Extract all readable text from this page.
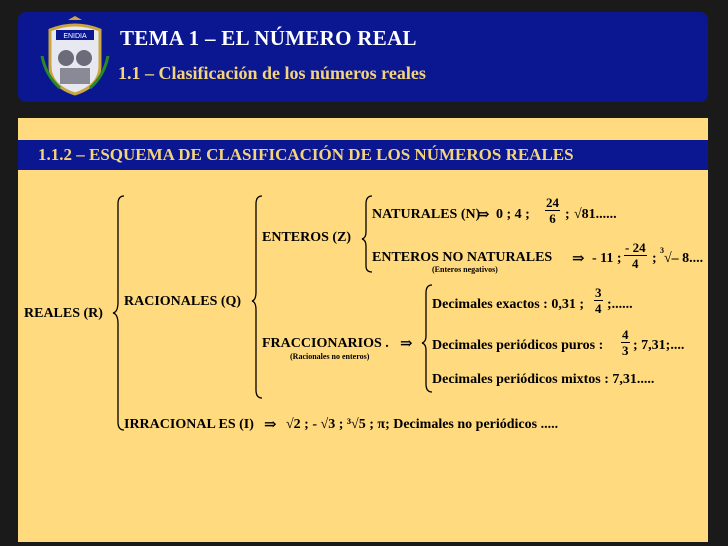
ENIDIA TEMA 1 – EL NÚMERO REAL
1.1 – Clasificación de los números reales
1.1.2 – ESQUEMA DE CLASIFICACIÓN DE LOS NÚMEROS REALES
REALES (R)
RACIONALES (Q)
ENTEROS (Z)
NATURALES (N)
⇒ 0 ; 4 ; $\frac{24}{6}$ ; √81......
ENTEROS NO NATURALES
(Enteros negativos)
⇒ - 11 ; $\frac{- 24}{4}$ ;
3
√– 8....
FRACCIONARIOS .
(Racionales no enteros)
⇒
Decimales exactos : 0,31 ; $\frac{3}{4}$ ;......
Decimales periódicos puros : $\frac{4}{3}$ ; 7,31;....
Decimales periódicos mixtos : 7,31.....
IRRACIONAL ES (I) ⇒ √2 ; - √3 ; ³√5 ; π; Decimales no periódicos .....
